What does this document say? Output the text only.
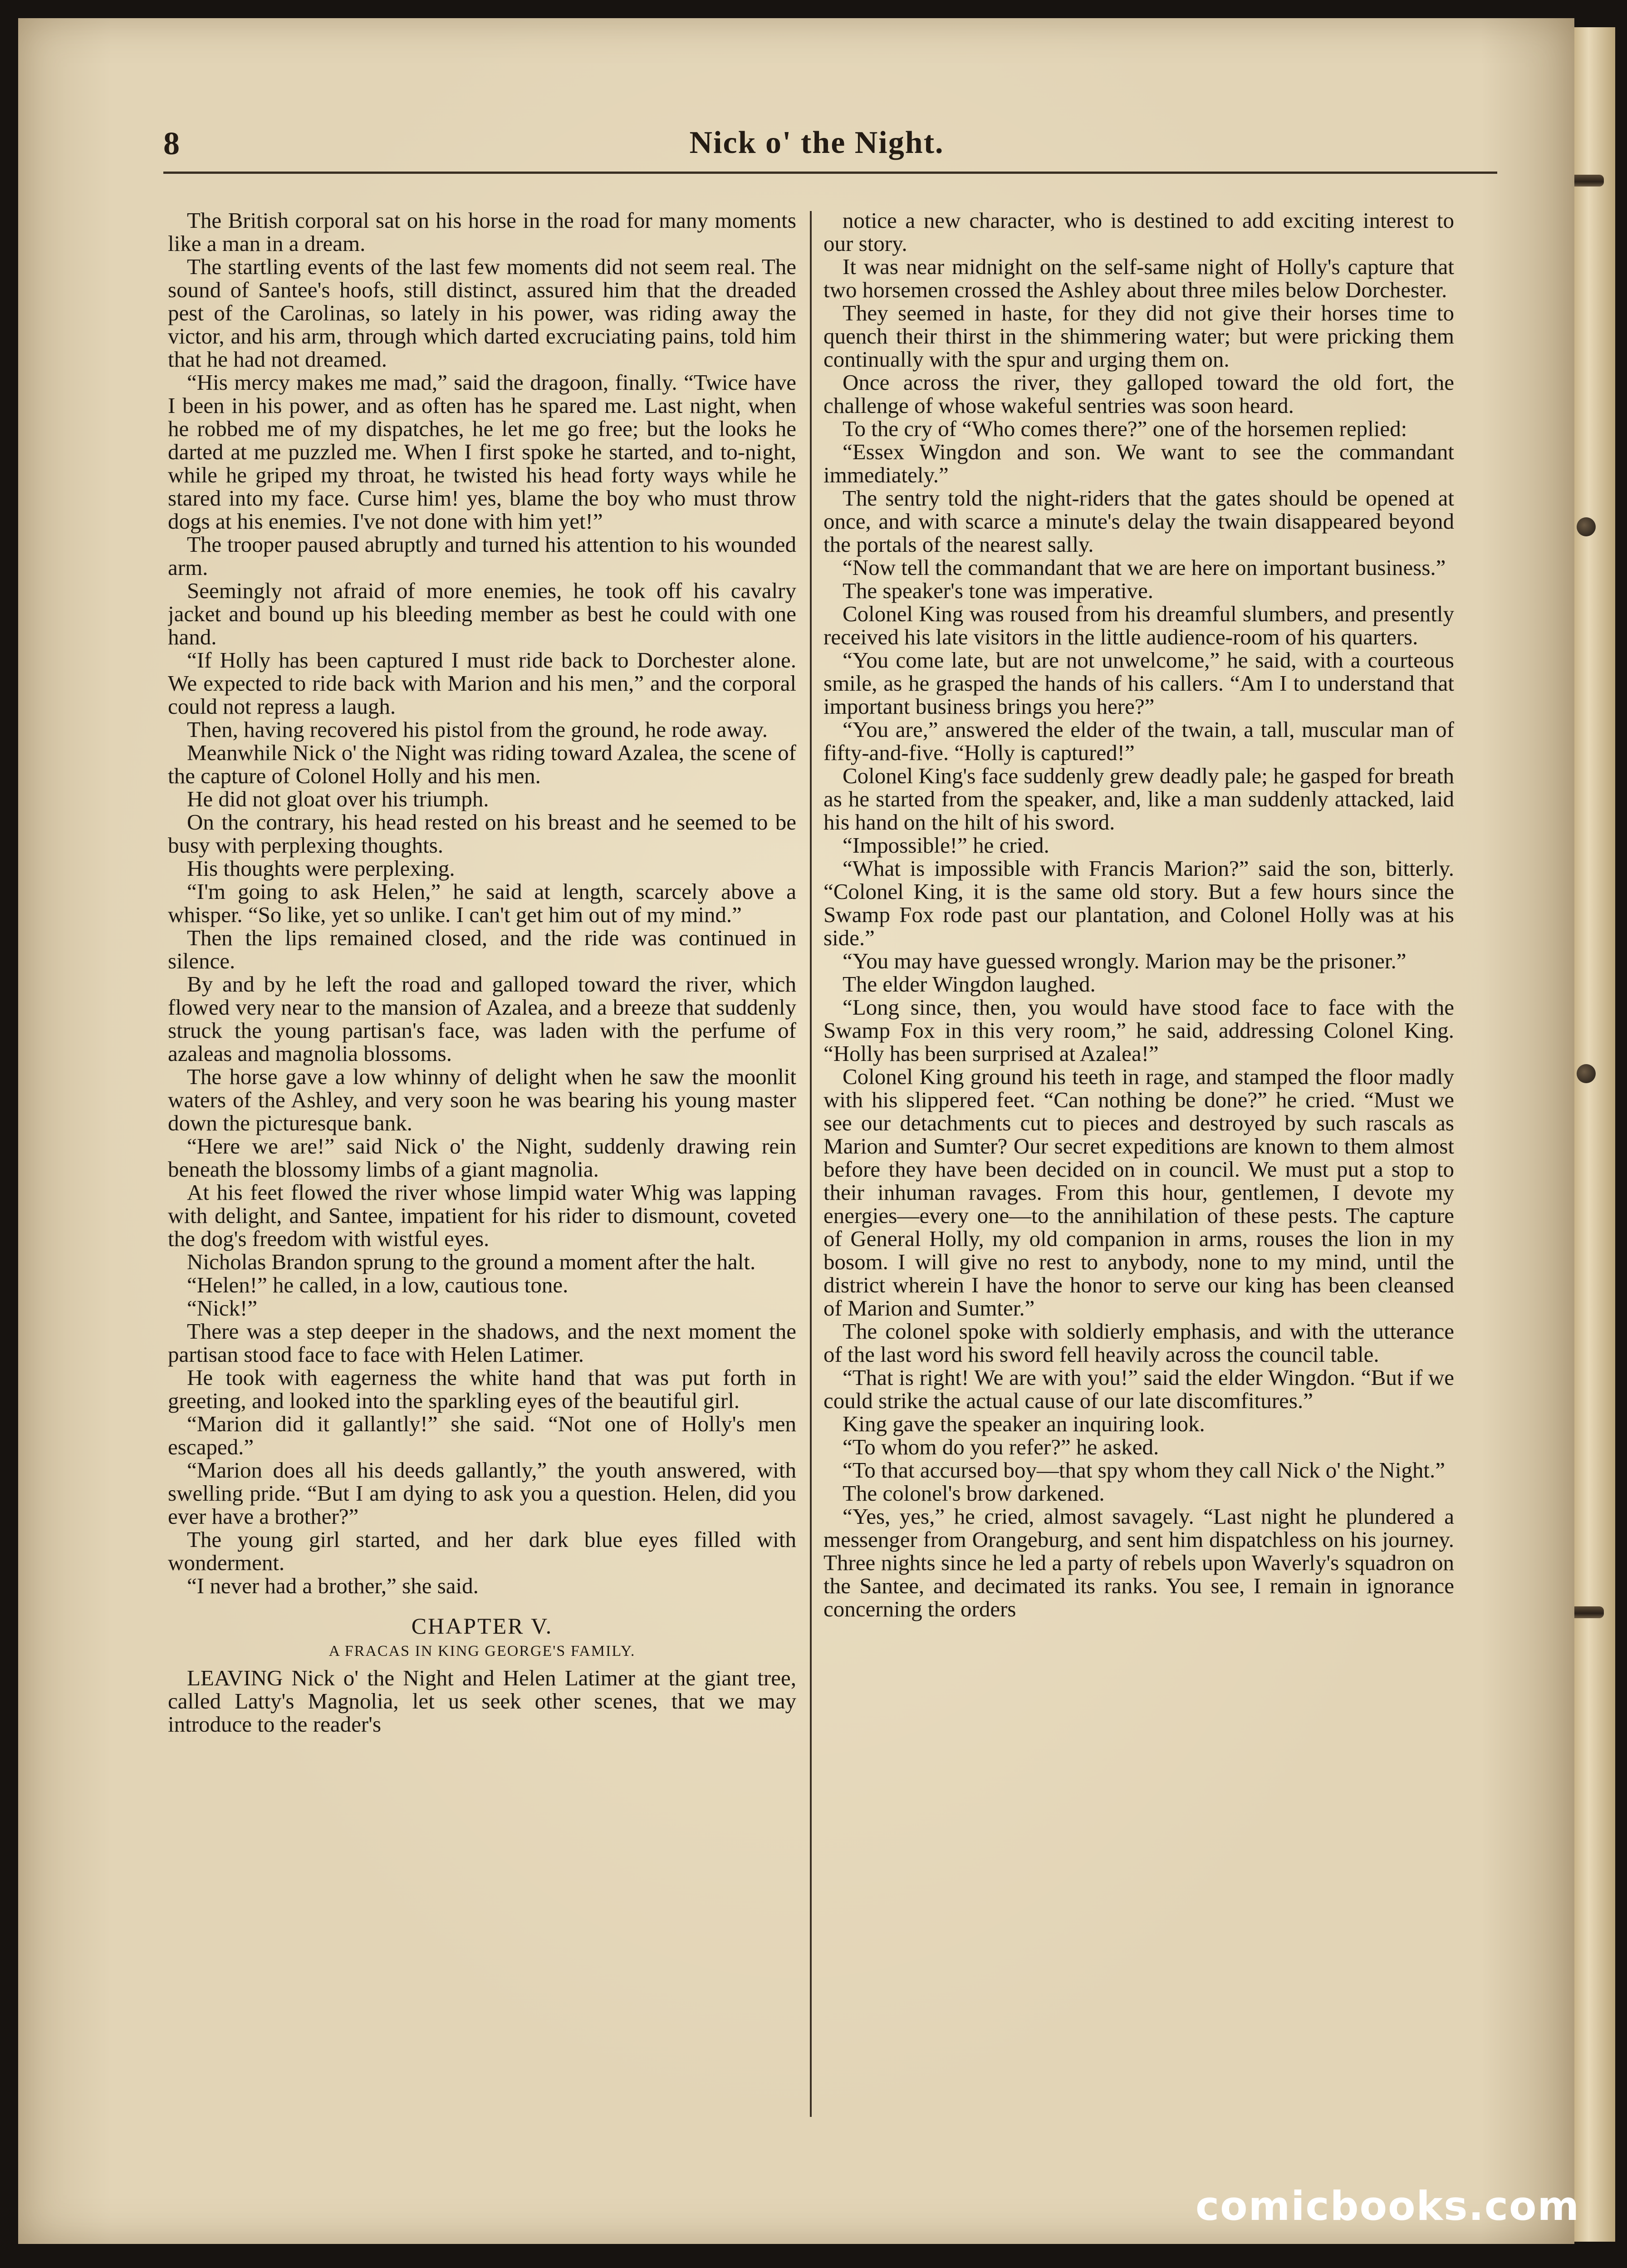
8	Nick o' the Night.

The British corporal sat on his horse in the road for many moments like a man in a dream.

The startling events of the last few moments did not seem real. The sound of Santee's hoofs, still distinct, assured him that the dreaded pest of the Carolinas, so lately in his power, was riding away the victor, and his arm, through which darted excruciating pains, told him that he had not dreamed.

“His mercy makes me mad,” said the dragoon, finally. “Twice have I been in his power, and as often has he spared me. Last night, when he robbed me of my dispatches, he let me go free; but the looks he darted at me puzzled me. When I first spoke he started, and to-night, while he griped my throat, he twisted his head forty ways while he stared into my face. Curse him! yes, blame the boy who must throw dogs at his enemies. I've not done with him yet!”

The trooper paused abruptly and turned his attention to his wounded arm.

Seemingly not afraid of more enemies, he took off his cavalry jacket and bound up his bleeding member as best he could with one hand.

“If Holly has been captured I must ride back to Dorchester alone. We expected to ride back with Marion and his men,” and the corporal could not repress a laugh.

Then, having recovered his pistol from the ground, he rode away.

Meanwhile Nick o' the Night was riding toward Azalea, the scene of the capture of Colonel Holly and his men.

He did not gloat over his triumph.

On the contrary, his head rested on his breast and he seemed to be busy with perplexing thoughts.

His thoughts were perplexing.

“I'm going to ask Helen,” he said at length, scarcely above a whisper. “So like, yet so unlike. I can't get him out of my mind.”

Then the lips remained closed, and the ride was continued in silence.

By and by he left the road and galloped toward the river, which flowed very near to the mansion of Azalea, and a breeze that suddenly struck the young partisan's face, was laden with the perfume of azaleas and magnolia blossoms.

The horse gave a low whinny of delight when he saw the moonlit waters of the Ashley, and very soon he was bearing his young master down the picturesque bank.

“Here we are!” said Nick o' the Night, suddenly drawing rein beneath the blossomy limbs of a giant magnolia.

At his feet flowed the river whose limpid water Whig was lapping with delight, and Santee, impatient for his rider to dismount, coveted the dog's freedom with wistful eyes.

Nicholas Brandon sprung to the ground a moment after the halt.

“Helen!” he called, in a low, cautious tone.

“Nick!”

There was a step deeper in the shadows, and the next moment the partisan stood face to face with Helen Latimer.

He took with eagerness the white hand that was put forth in greeting, and looked into the sparkling eyes of the beautiful girl.

“Marion did it gallantly!” she said. “Not one of Holly's men escaped.”

“Marion does all his deeds gallantly,” the youth answered, with swelling pride. “But I am dying to ask you a question. Helen, did you ever have a brother?”

The young girl started, and her dark blue eyes filled with wonderment.

“I never had a brother,” she said.

CHAPTER V.
A FRACAS IN KING GEORGE'S FAMILY.

LEAVING Nick o' the Night and Helen Latimer at the giant tree, called Latty's Magnolia, let us seek other scenes, that we may introduce to the reader's

notice a new character, who is destined to add exciting interest to our story.

It was near midnight on the self-same night of Holly's capture that two horsemen crossed the Ashley about three miles below Dorchester.

They seemed in haste, for they did not give their horses time to quench their thirst in the shimmering water; but were pricking them continually with the spur and urging them on.

Once across the river, they galloped toward the old fort, the challenge of whose wakeful sentries was soon heard.

To the cry of “Who comes there?” one of the horsemen replied:

“Essex Wingdon and son. We want to see the commandant immediately.”

The sentry told the night-riders that the gates should be opened at once, and with scarce a minute's delay the twain disappeared beyond the portals of the nearest sally.

“Now tell the commandant that we are here on important business.”

The speaker's tone was imperative.

Colonel King was roused from his dreamful slumbers, and presently received his late visitors in the little audience-room of his quarters.

“You come late, but are not unwelcome,” he said, with a courteous smile, as he grasped the hands of his callers. “Am I to understand that important business brings you here?”

“You are,” answered the elder of the twain, a tall, muscular man of fifty-and-five. “Holly is captured!”

Colonel King's face suddenly grew deadly pale; he gasped for breath as he started from the speaker, and, like a man suddenly attacked, laid his hand on the hilt of his sword.

“Impossible!” he cried.

“What is impossible with Francis Marion?” said the son, bitterly. “Colonel King, it is the same old story. But a few hours since the Swamp Fox rode past our plantation, and Colonel Holly was at his side.”

“You may have guessed wrongly. Marion may be the prisoner.”

The elder Wingdon laughed.

“Long since, then, you would have stood face to face with the Swamp Fox in this very room,” he said, addressing Colonel King. “Holly has been surprised at Azalea!”

Colonel King ground his teeth in rage, and stamped the floor madly with his slippered feet. “Can nothing be done?” he cried. “Must we see our detachments cut to pieces and destroyed by such rascals as Marion and Sumter? Our secret expeditions are known to them almost before they have been decided on in council. We must put a stop to their inhuman ravages. From this hour, gentlemen, I devote my energies—every one—to the annihilation of these pests. The capture of General Holly, my old companion in arms, rouses the lion in my bosom. I will give no rest to anybody, none to my mind, until the district wherein I have the honor to serve our king has been cleansed of Marion and Sumter.”

The colonel spoke with soldierly emphasis, and with the utterance of the last word his sword fell heavily across the council table.

“That is right! We are with you!” said the elder Wingdon. “But if we could strike the actual cause of our late discomfitures.”

King gave the speaker an inquiring look.

“To whom do you refer?” he asked.

“To that accursed boy—that spy whom they call Nick o' the Night.”

The colonel's brow darkened.

“Yes, yes,” he cried, almost savagely. “Last night he plundered a messenger from Orangeburg, and sent him dispatchless on his journey. Three nights since he led a party of rebels upon Waverly's squadron on the Santee, and decimated its ranks. You see, I remain in ignorance concerning the orders

comicbooks.com
